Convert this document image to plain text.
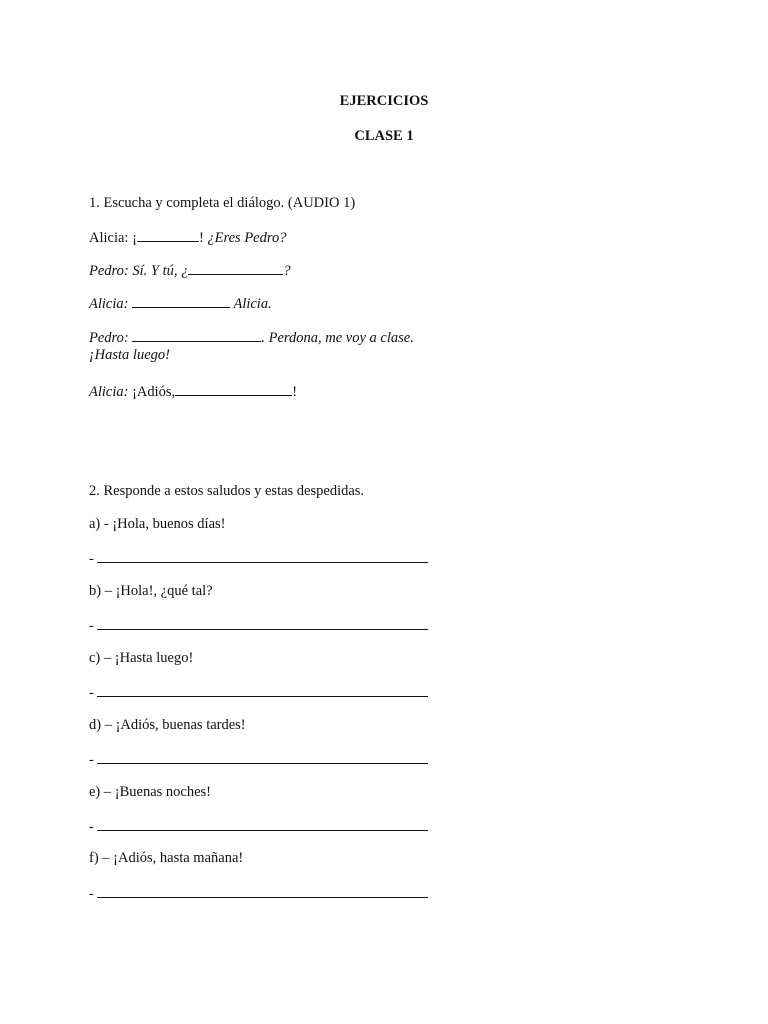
EJERCICIOS
CLASE 1
1. Escucha y completa el diálogo. (AUDIO 1)
Alicia: ¡	! ¿Eres Pedro?
Pedro: Sí. Y tú, ¿	?
Alicia:	Alicia.
Pedro:	. Perdona, me voy a clase.
¡Hasta luego!
Alicia: ¡Adiós,	!
2. Responde a estos saludos y estas despedidas.
a) - ¡Hola, buenos días!
-
b) – ¡Hola!, ¿qué tal?
-
c) – ¡Hasta luego!
-
d) – ¡Adiós, buenas tardes!
-
e) – ¡Buenas noches!
-
f) – ¡Adiós, hasta mañana!
-
